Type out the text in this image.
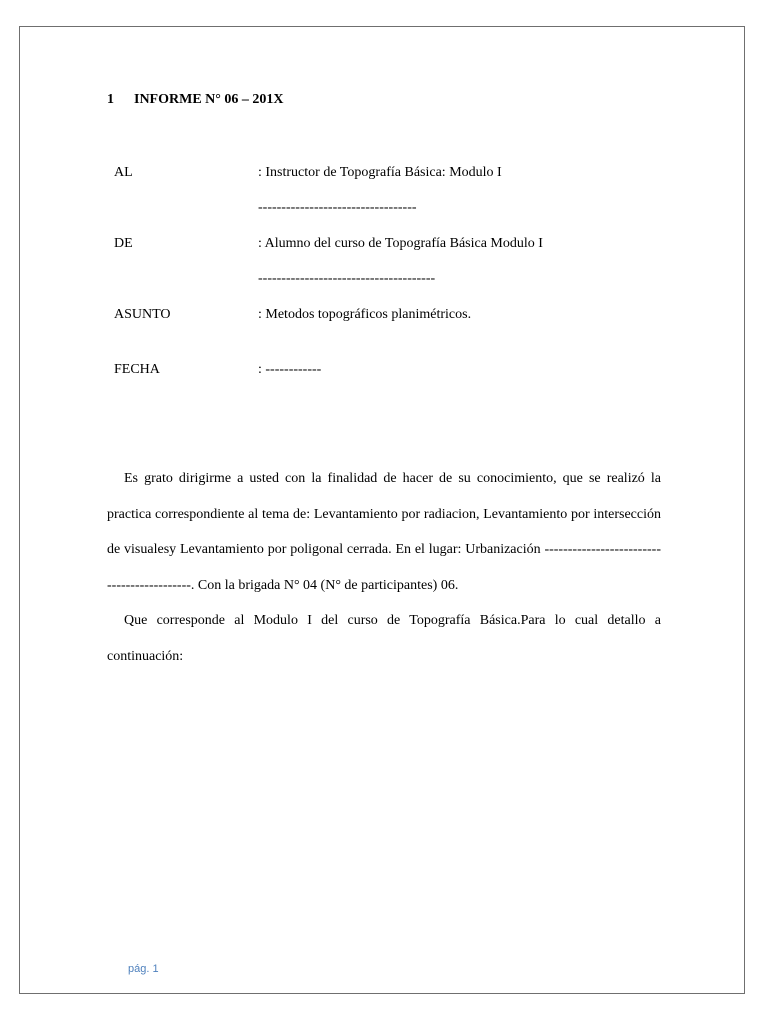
1 INFORME N° 06 – 201X
AL	: Instructor de Topografía Básica: Modulo I
----------------------------------
DE	: Alumno del curso de Topografía Básica Modulo I
--------------------------------------
ASUNTO	: Metodos topográficos planimétricos.
FECHA	: ------------

Es grato dirigirme a usted con la finalidad de hacer de su conocimiento, que se realizó la practica correspondiente al tema de: Levantamiento por radiacion, Levantamiento por intersección de visualesy Levantamiento por poligonal cerrada. En el lugar: Urbanización -------------------------------------------. Con la brigada N° 04 (N° de participantes) 06.

Que corresponde al Modulo I del curso de Topografía Básica.Para lo cual detallo a continuación:

pág. 1
